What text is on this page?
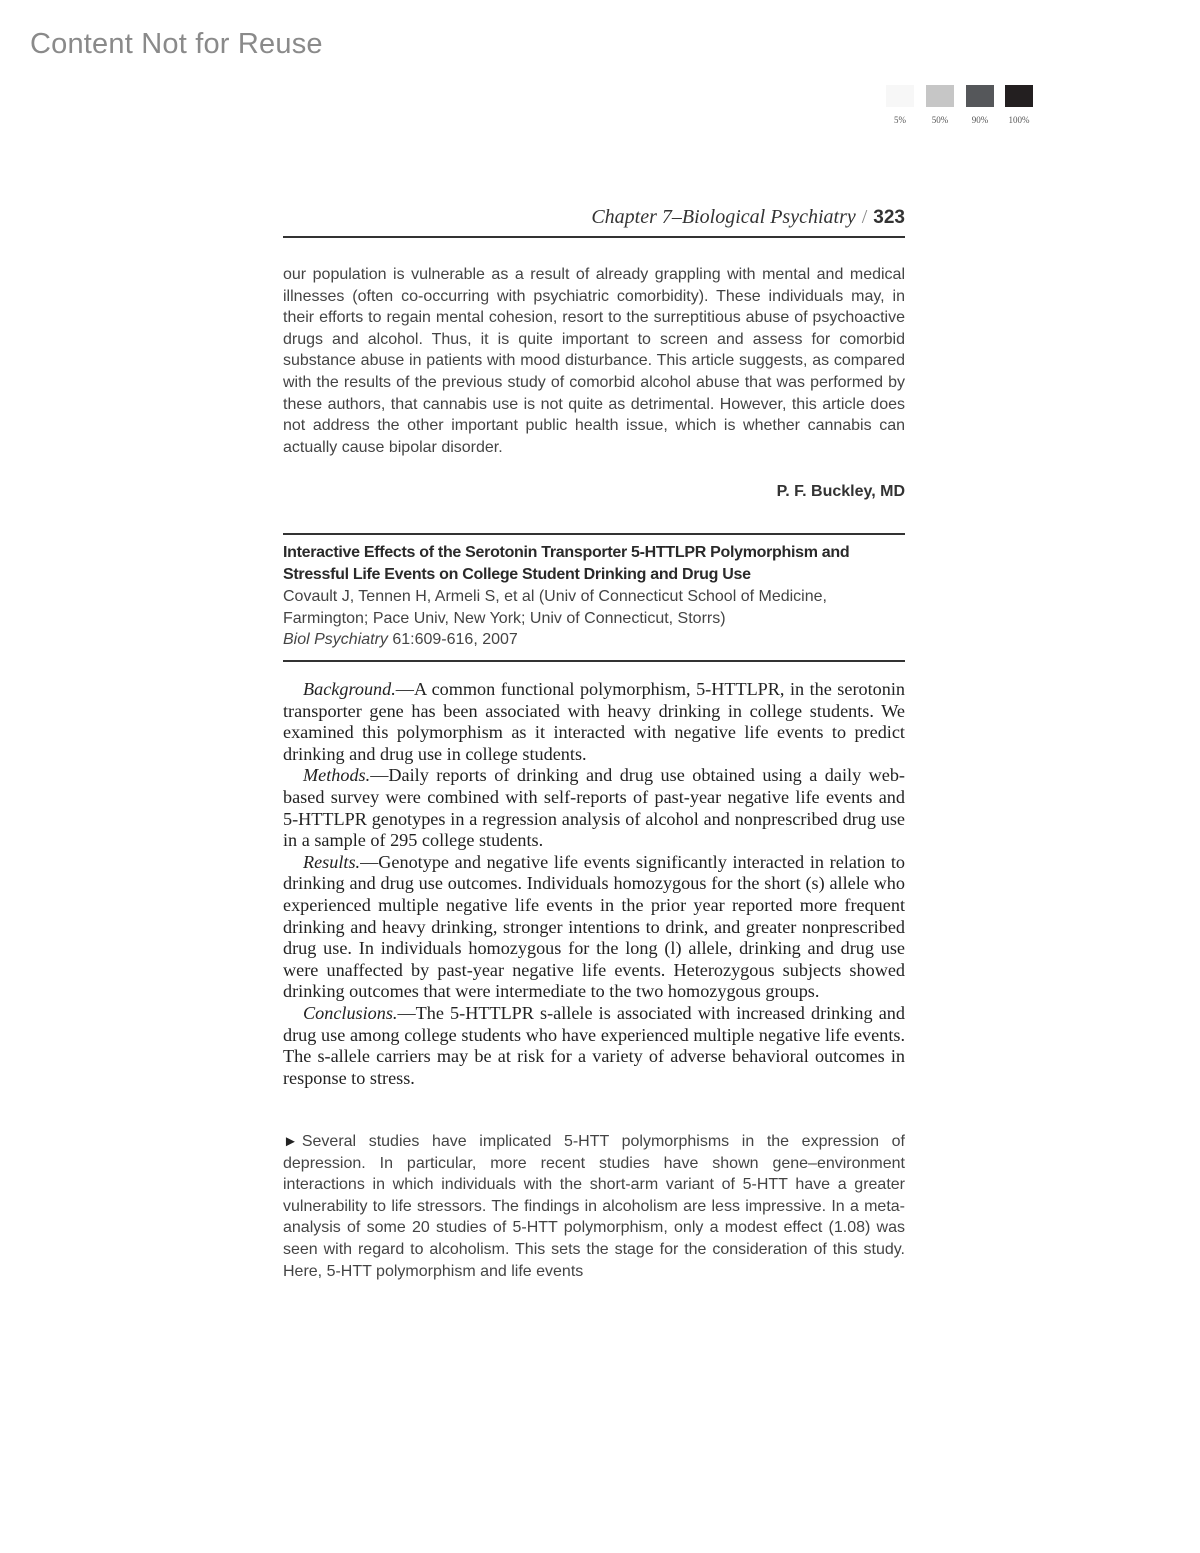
Content Not for Reuse
5%	50%	90%	100%
Chapter 7–Biological Psychiatry / 323
our population is vulnerable as a result of already grappling with mental and medical illnesses (often co-occurring with psychiatric comorbidity). These individuals may, in their efforts to regain mental cohesion, resort to the surreptitious abuse of psychoactive drugs and alcohol. Thus, it is quite important to screen and assess for comorbid substance abuse in patients with mood disturbance. This article suggests, as compared with the results of the previous study of comorbid alcohol abuse that was performed by these authors, that cannabis use is not quite as detrimental. However, this article does not address the other important public health issue, which is whether cannabis can actually cause bipolar disorder.
P. F. Buckley, MD
Interactive Effects of the Serotonin Transporter 5-HTTLPR Polymorphism and Stressful Life Events on College Student Drinking and Drug Use
Covault J, Tennen H, Armeli S, et al (Univ of Connecticut School of Medicine, Farmington; Pace Univ, New York; Univ of Connecticut, Storrs)
Biol Psychiatry 61:609-616, 2007

Background.—A common functional polymorphism, 5-HTTLPR, in the serotonin transporter gene has been associated with heavy drinking in college students. We examined this polymorphism as it interacted with negative life events to predict drinking and drug use in college students.

Methods.—Daily reports of drinking and drug use obtained using a daily web-based survey were combined with self-reports of past-year negative life events and 5-HTTLPR genotypes in a regression analysis of alcohol and nonprescribed drug use in a sample of 295 college students.

Results.—Genotype and negative life events significantly interacted in relation to drinking and drug use outcomes. Individuals homozygous for the short (s) allele who experienced multiple negative life events in the prior year reported more frequent drinking and heavy drinking, stronger intentions to drink, and greater nonprescribed drug use. In individuals homozygous for the long (l) allele, drinking and drug use were unaffected by past-year negative life events. Heterozygous subjects showed drinking outcomes that were intermediate to the two homozygous groups.

Conclusions.—The 5-HTTLPR s-allele is associated with increased drinking and drug use among college students who have experienced multiple negative life events. The s-allele carriers may be at risk for a variety of adverse behavioral outcomes in response to stress.

► Several studies have implicated 5-HTT polymorphisms in the expression of depression. In particular, more recent studies have shown gene–environment interactions in which individuals with the short-arm variant of 5-HTT have a greater vulnerability to life stressors. The findings in alcoholism are less impressive. In a meta-analysis of some 20 studies of 5-HTT polymorphism, only a modest effect (1.08) was seen with regard to alcoholism. This sets the stage for the consideration of this study. Here, 5-HTT polymorphism and life events
